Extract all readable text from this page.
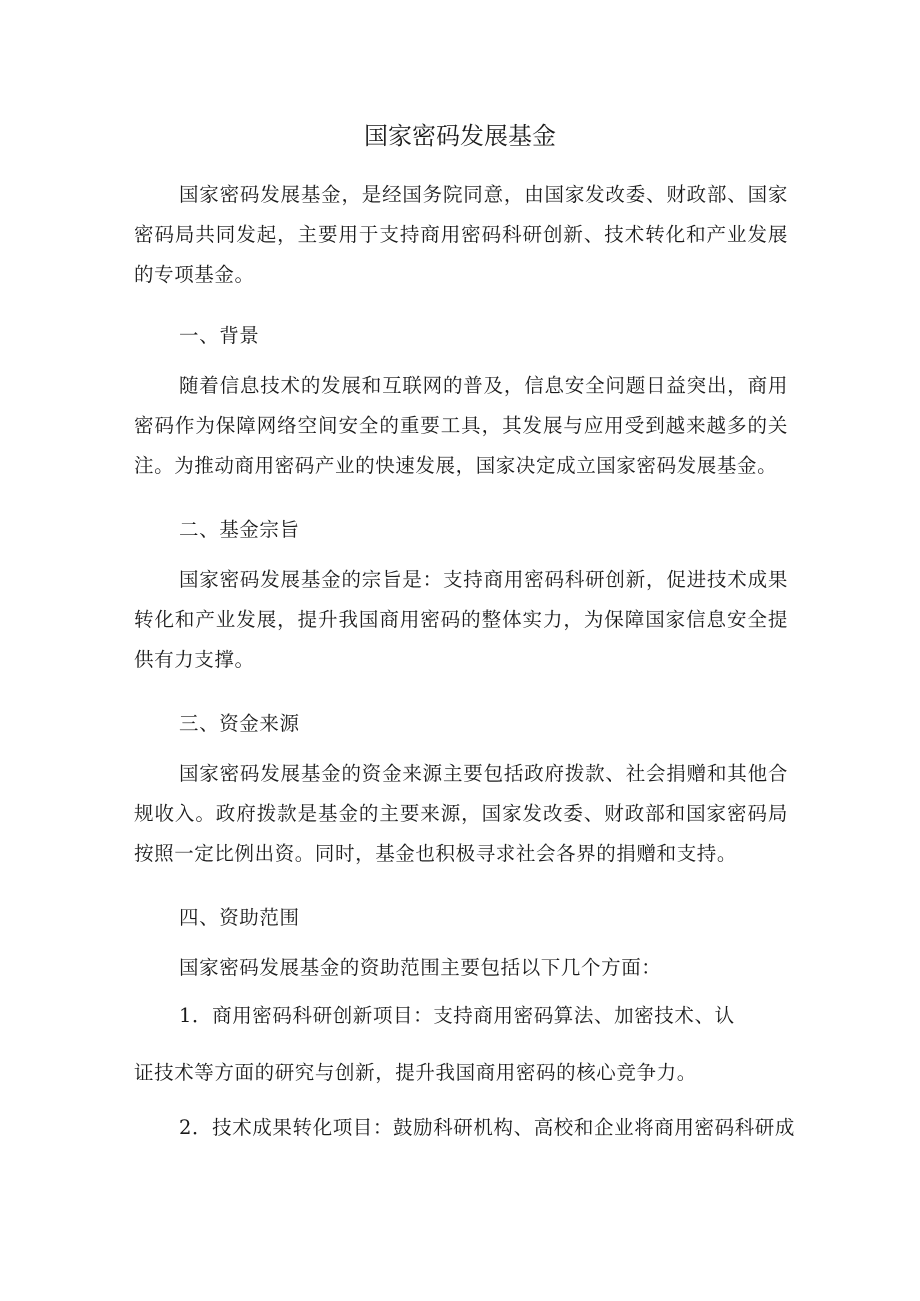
国家密码发展基金

国家密码发展基金，是经国务院同意，由国家发改委、财政部、国家密码局共同发起，主要用于支持商用密码科研创新、技术转化和产业发展的专项基金。

一、背景

随着信息技术的发展和互联网的普及，信息安全问题日益突出，商用密码作为保障网络空间安全的重要工具，其发展与应用受到越来越多的关注。为推动商用密码产业的快速发展，国家决定成立国家密码发展基金。

二、基金宗旨

国家密码发展基金的宗旨是：支持商用密码科研创新，促进技术成果转化和产业发展，提升我国商用密码的整体实力，为保障国家信息安全提供有力支撑。

三、资金来源

国家密码发展基金的资金来源主要包括政府拨款、社会捐赠和其他合规收入。政府拨款是基金的主要来源，国家发改委、财政部和国家密码局按照一定比例出资。同时，基金也积极寻求社会各界的捐赠和支持。

四、资助范围

国家密码发展基金的资助范围主要包括以下几个方面：

1．商用密码科研创新项目：支持商用密码算法、加密技术、认

证技术等方面的研究与创新，提升我国商用密码的核心竞争力。

2．技术成果转化项目：鼓励科研机构、高校和企业将商用密码科研成
